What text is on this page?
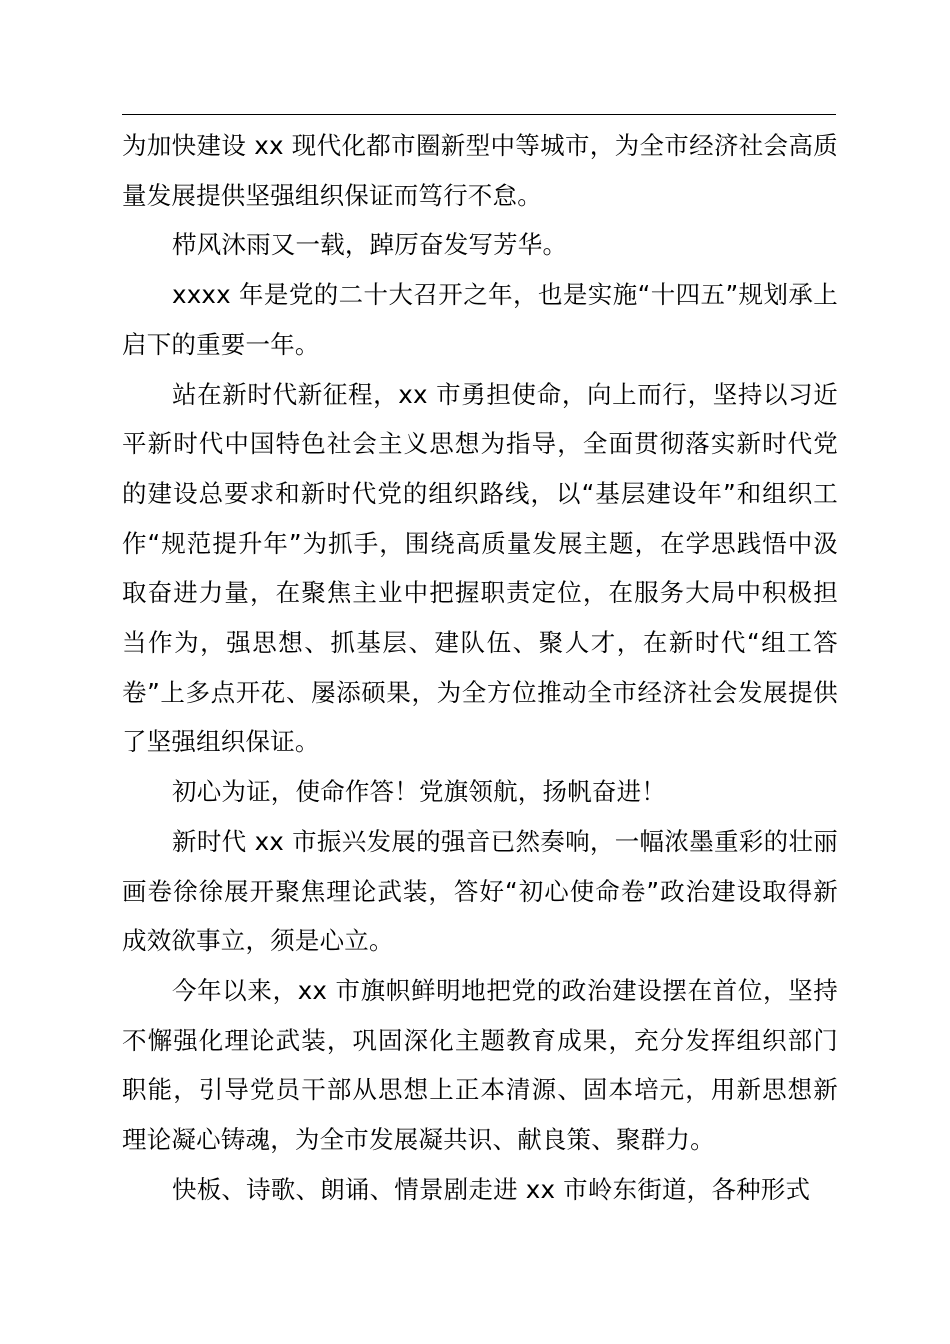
为加快建设 xx 现代化都市圈新型中等城市，为全市经济社会高质量发展提供坚强组织保证而笃行不怠。

栉风沐雨又一载，踔厉奋发写芳华。

xxxx 年是党的二十大召开之年，也是实施“十四五”规划承上启下的重要一年。

站在新时代新征程，xx 市勇担使命，向上而行，坚持以习近平新时代中国特色社会主义思想为指导，全面贯彻落实新时代党的建设总要求和新时代党的组织路线，以“基层建设年”和组织工作“规范提升年”为抓手，围绕高质量发展主题，在学思践悟中汲取奋进力量，在聚焦主业中把握职责定位，在服务大局中积极担当作为，强思想、抓基层、建队伍、聚人才，在新时代“组工答卷”上多点开花、屡添硕果，为全方位推动全市经济社会发展提供了坚强组织保证。

初心为证，使命作答！党旗领航，扬帆奋进！

新时代 xx 市振兴发展的强音已然奏响，一幅浓墨重彩的壮丽画卷徐徐展开聚焦理论武装，答好“初心使命卷”政治建设取得新成效欲事立，须是心立。

今年以来，xx 市旗帜鲜明地把党的政治建设摆在首位，坚持不懈强化理论武装，巩固深化主题教育成果，充分发挥组织部门职能，引导党员干部从思想上正本清源、固本培元，用新思想新理论凝心铸魂，为全市发展凝共识、献良策、聚群力。

快板、诗歌、朗诵、情景剧走进 xx 市岭东街道，各种形式
